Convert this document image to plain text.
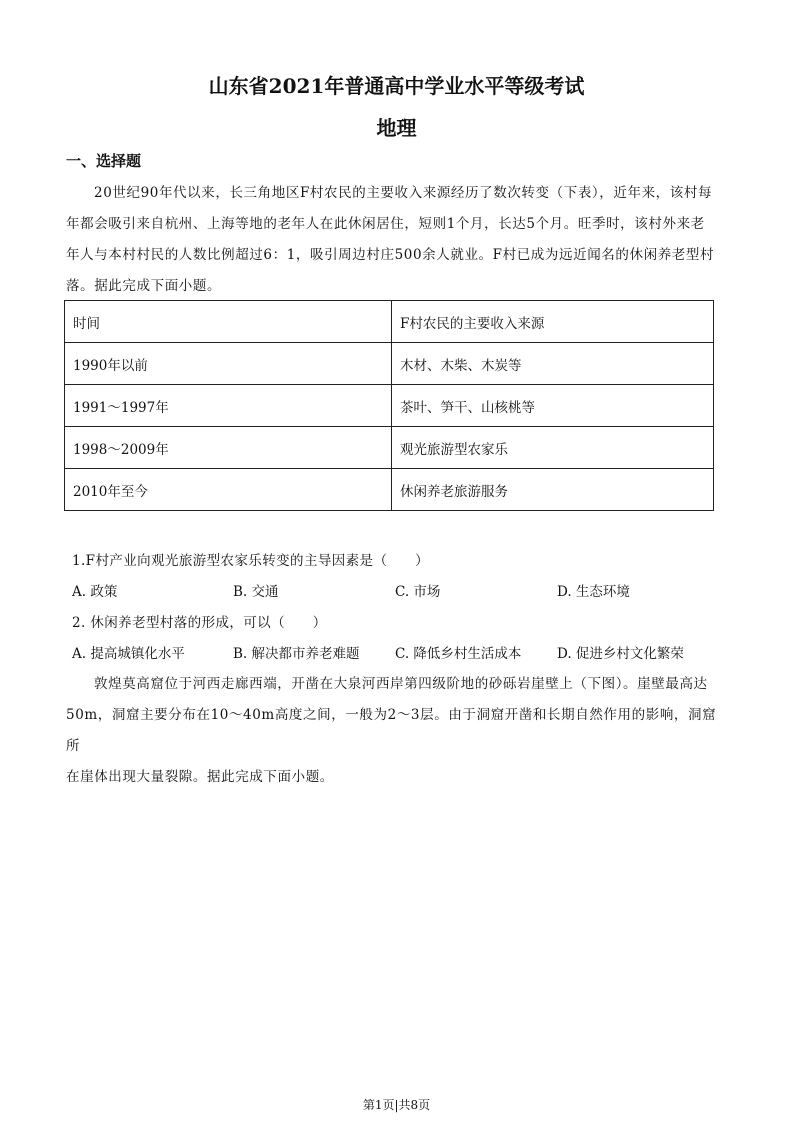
山东省2021年普通高中学业水平等级考试
地理
一、选择题
20世纪90年代以来，长三角地区F村农民的主要收入来源经历了数次转变（下表），近年来，该村每
年都会吸引来自杭州、上海等地的老年人在此休闲居住，短则1个月，长达5个月。旺季时，该村外来老
年人与本村村民的人数比例超过6：1，吸引周边村庄500余人就业。F村已成为远近闻名的休闲养老型村
落。据此完成下面小题。
时间	F村农民的主要收入来源
1990年以前	木材、木柴、木炭等
1991～1997年	茶叶、笋干、山核桃等
1998～2009年	观光旅游型农家乐
2010年至今	休闲养老旅游服务
1.F村产业向观光旅游型农家乐转变的主导因素是（　　）
A. 政策	B. 交通	C. 市场	D. 生态环境
2. 休闲养老型村落的形成，可以（　　）
A. 提高城镇化水平	B. 解决都市养老难题	C. 降低乡村生活成本	D. 促进乡村文化繁荣
敦煌莫高窟位于河西走廊西端，开凿在大泉河西岸第四级阶地的砂砾岩崖壁上（下图）。崖壁最高达
50m，洞窟主要分布在10～40m高度之间，一般为2～3层。由于洞窟开凿和长期自然作用的影响，洞窟所
在崖体出现大量裂隙。据此完成下面小题。
第1页|共8页
